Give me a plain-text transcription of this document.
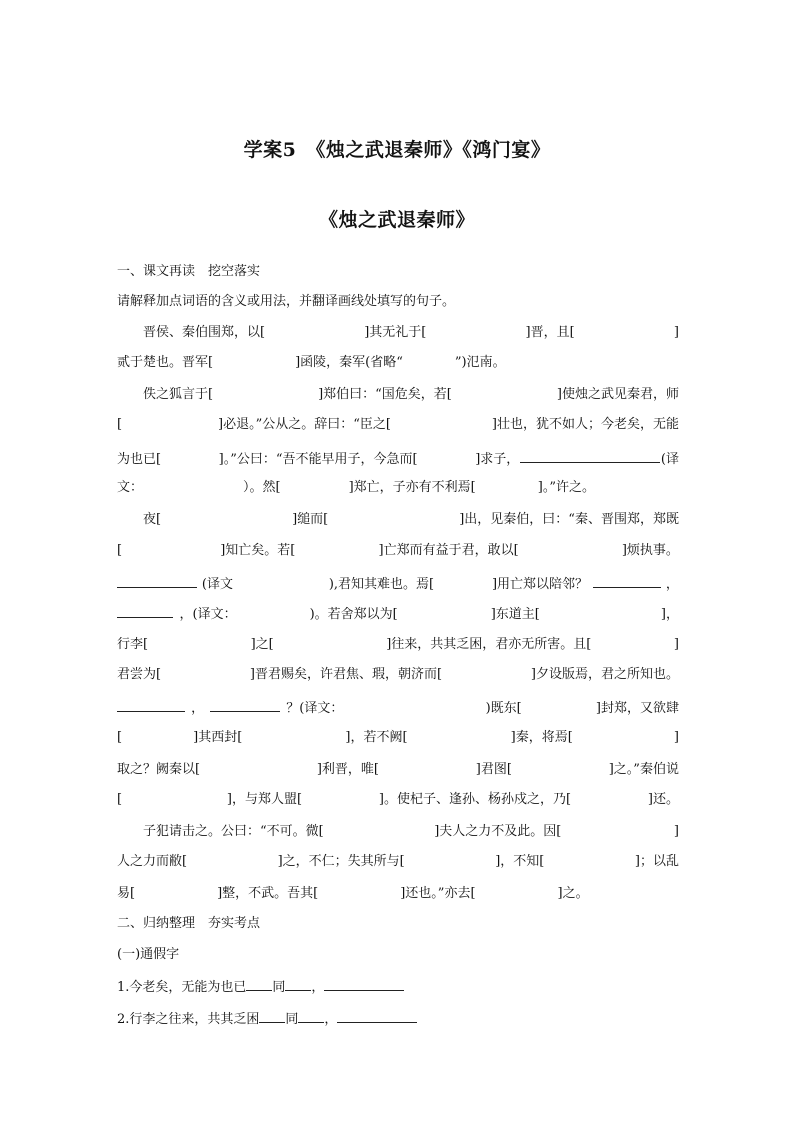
学案5　《烛之武退秦师》《鸿门宴》
《烛之武退秦师》
一、课文再读　挖空落实
请解释加点词语的含义或用法，并翻译画线处填写的句子。
晋侯、秦伯围郑，以[	]其无礼于[	]晋，且[	]
贰于楚也。晋军[	]函陵，秦军(省略“	”)氾南。
佚之狐言于[	]郑伯曰：“国危矣，若[	]使烛之武见秦君，师
[	]必退。”公从之。辞曰：“臣之[	]壮也，犹不如人；今老矣，无能
为也已[	]。”公曰：“吾不能早用子，今急而[	]求子，	(译
文：	）。然[	]郑亡，子亦有不利焉[	]。”许之。
夜[	]缒而[	]出，见秦伯，曰：“秦、晋围郑，郑既
[	]知亡矣。若[	]亡郑而有益于君，敢以[	]烦执事。
(译文	),君知其难也。焉[	]用亡郑以陪邻？	，
，(译文：	)。若舍郑以为[	]东道主[	]，
行李[	]之[	]往来，共其乏困，君亦无所害。且[	]
君尝为[	]晋君赐矣，许君焦、瑕，朝济而[	]夕设版焉，君之所知也。
，	？(译文：	)既东[	]封郑，又欲肆
[	]其西封[	]，若不阙[	]秦，将焉[	]
取之？阙秦以[	]利晋，唯[	]君图[	]之。”秦伯说
[	]，与郑人盟[	]。使杞子、逢孙、杨孙戍之，乃[	]还。
子犯请击之。公曰：“不可。微[	]夫人之力不及此。因[	]
人之力而敝[	]之，不仁；失其所与[	]，不知[	]；以乱
易[	]整，不武。吾其[	]还也。”亦去[	]之。
二、归纳整理　夯实考点
(一)通假字
1.今老矣，无能为也已 同 ，
2.行李之往来，共其乏困 同 ，
